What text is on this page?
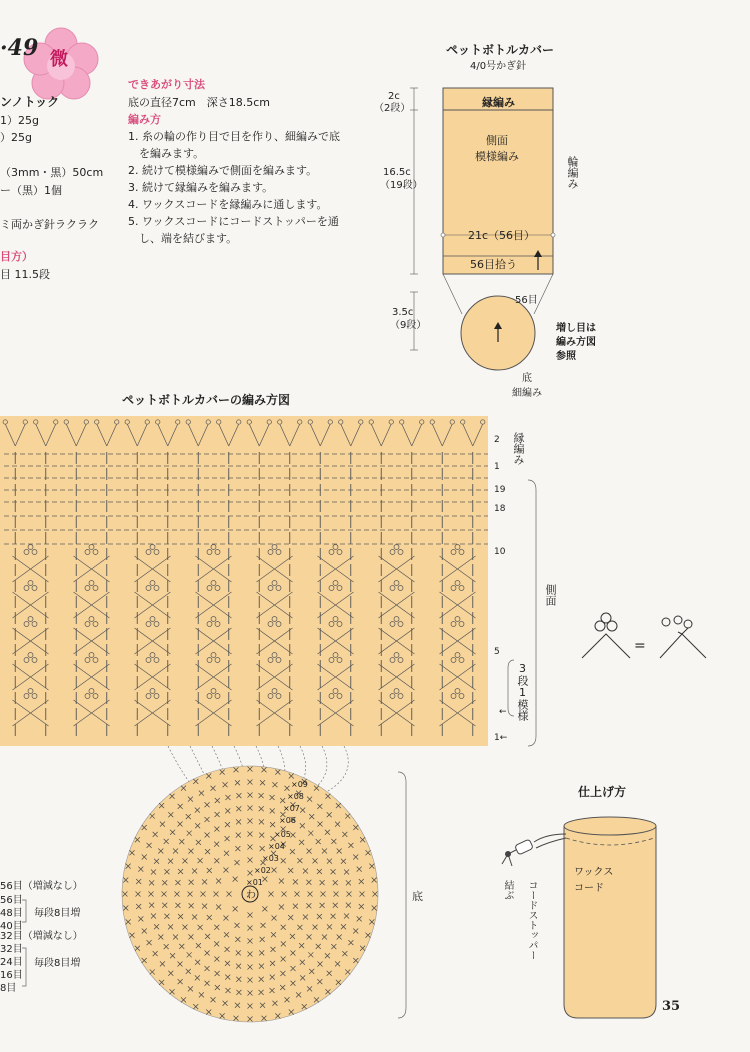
微
·49
ンノトック
1）25g
）25g
（3mm・黒）50cm
ー（黒）1個
ミ両かぎ針ラクラク
目方）
目 11.5段
できあがり寸法
底の直径7cm　深さ18.5cm
編み方
1. 糸の輪の作り目で目を作り、細編みで底
　を編みます。
2. 続けて模様編みで側面を編みます。
3. 続けて縁編みを編みます。
4. ワックスコードを縁編みに通します。
5. ワックスコードにコードストッパーを通
　し、端を結びます。
ペットボトルカバー
4/0号かぎ針
縁編み
側面
模様編み	輪編み
21c（56目）
56目拾う
2c
（2段）
16.5c
（19段）
3.5c
（9段）
56目
増し目は
編み方図
参照
底
細編み
ペットボトルカバーの編み方図
2
1
19
18
10
5
1←
←
縁編み
側面
3段1模様
わ
×01
×02
×03
×04
×05
×06
×07
×08
×09
底
56目（増減なし）
56目
48目
40目
32目（増減なし）
32目
24目
16目
8目
毎段8目増
毎段8目増
=
仕上げ方
ワックス
コード
結ぶ コードストッパー
35
